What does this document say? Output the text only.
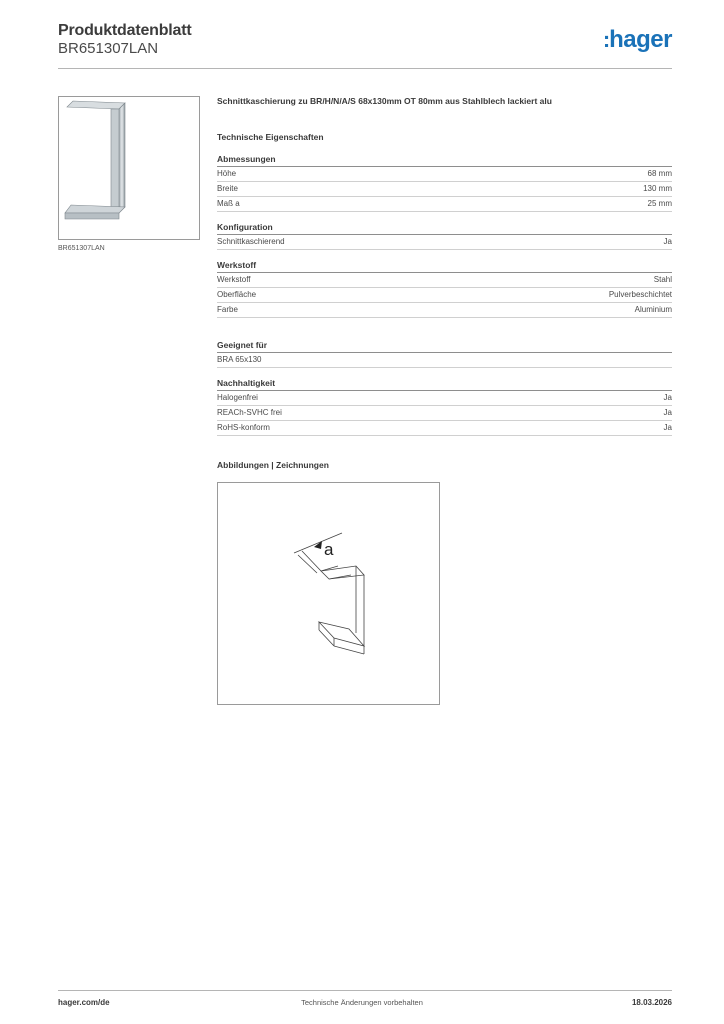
Produktdatenblatt
BR651307LAN	:hager
BR651307LAN
Schnittkaschierung zu BR/H/N/A/S 68x130mm OT 80mm aus Stahlblech lackiert alu
Technische Eigenschaften
Abmessungen
Höhe	68 mm
Breite	130 mm
Maß a	25 mm
Konfiguration
Schnittkaschierend	Ja
Werkstoff
Werkstoff	Stahl
Oberfläche	Pulverbeschichtet
Farbe	Aluminium
Geeignet für
BRA 65x130
Nachhaltigkeit
Halogenfrei	Ja
REACh-SVHC frei	Ja
RoHS-konform	Ja
Abbildungen | Zeichnungen
a
hager.com/de	Technische Änderungen vorbehalten	18.03.2026
